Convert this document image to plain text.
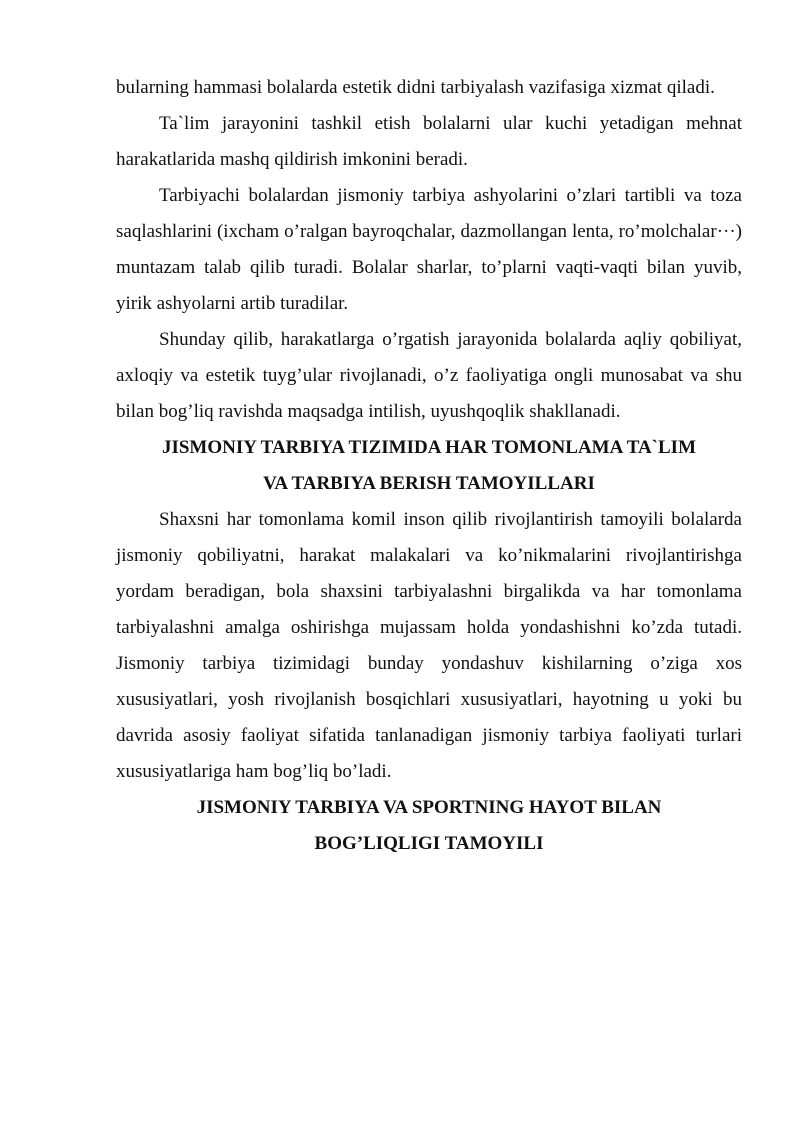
bularning hammasi bolalarda estetik didni tarbiyalash vazifasiga xizmat qiladi.

Ta`lim jarayonini tashkil etish bolalarni ular kuchi yetadigan mehnat harakatlarida mashq qildirish imkonini beradi.

Tarbiyachi bolalardan jismoniy tarbiya ashyolarini o’zlari tartibli va toza saqlashlarini (ixcham o’ralgan bayroqchalar, dazmollangan lenta, ro’molchalar···) muntazam talab qilib turadi. Bolalar sharlar, to’plarni vaqti-vaqti bilan yuvib, yirik ashyolarni artib turadilar.

Shunday qilib, harakatlarga o’rgatish jarayonida bolalarda aqliy qobiliyat, axloqiy va estetik tuyg’ular rivojlanadi, o’z faoliyatiga ongli munosabat va shu bilan bog’liq ravishda maqsadga intilish, uyushqoqlik shakllanadi.

JISMONIY TARBIYA TIZIMIDA HAR TOMONLAMA TA`LIM
VA TARBIYA BERISH TAMOYILLARI

Shaxsni har tomonlama komil inson qilib rivojlantirish tamoyili bolalarda jismoniy qobiliyatni, harakat malakalari va ko’nikmalarini rivojlantirishga yordam beradigan, bola shaxsini tarbiyalashni birgalikda va har tomonlama tarbiyalashni amalga oshirishga mujassam holda yondashishni ko’zda tutadi. Jismoniy tarbiya tizimidagi bunday yondashuv kishilarning o’ziga xos xususiyatlari, yosh rivojlanish bosqichlari xususiyatlari, hayotning u yoki bu davrida asosiy faoliyat sifatida tanlanadigan jismoniy tarbiya faoliyati turlari xususiyatlariga ham bog’liq bo’ladi.

JISMONIY TARBIYA VA SPORTNING HAYOT BILAN
BOG’LIQLIGI TAMOYILI
